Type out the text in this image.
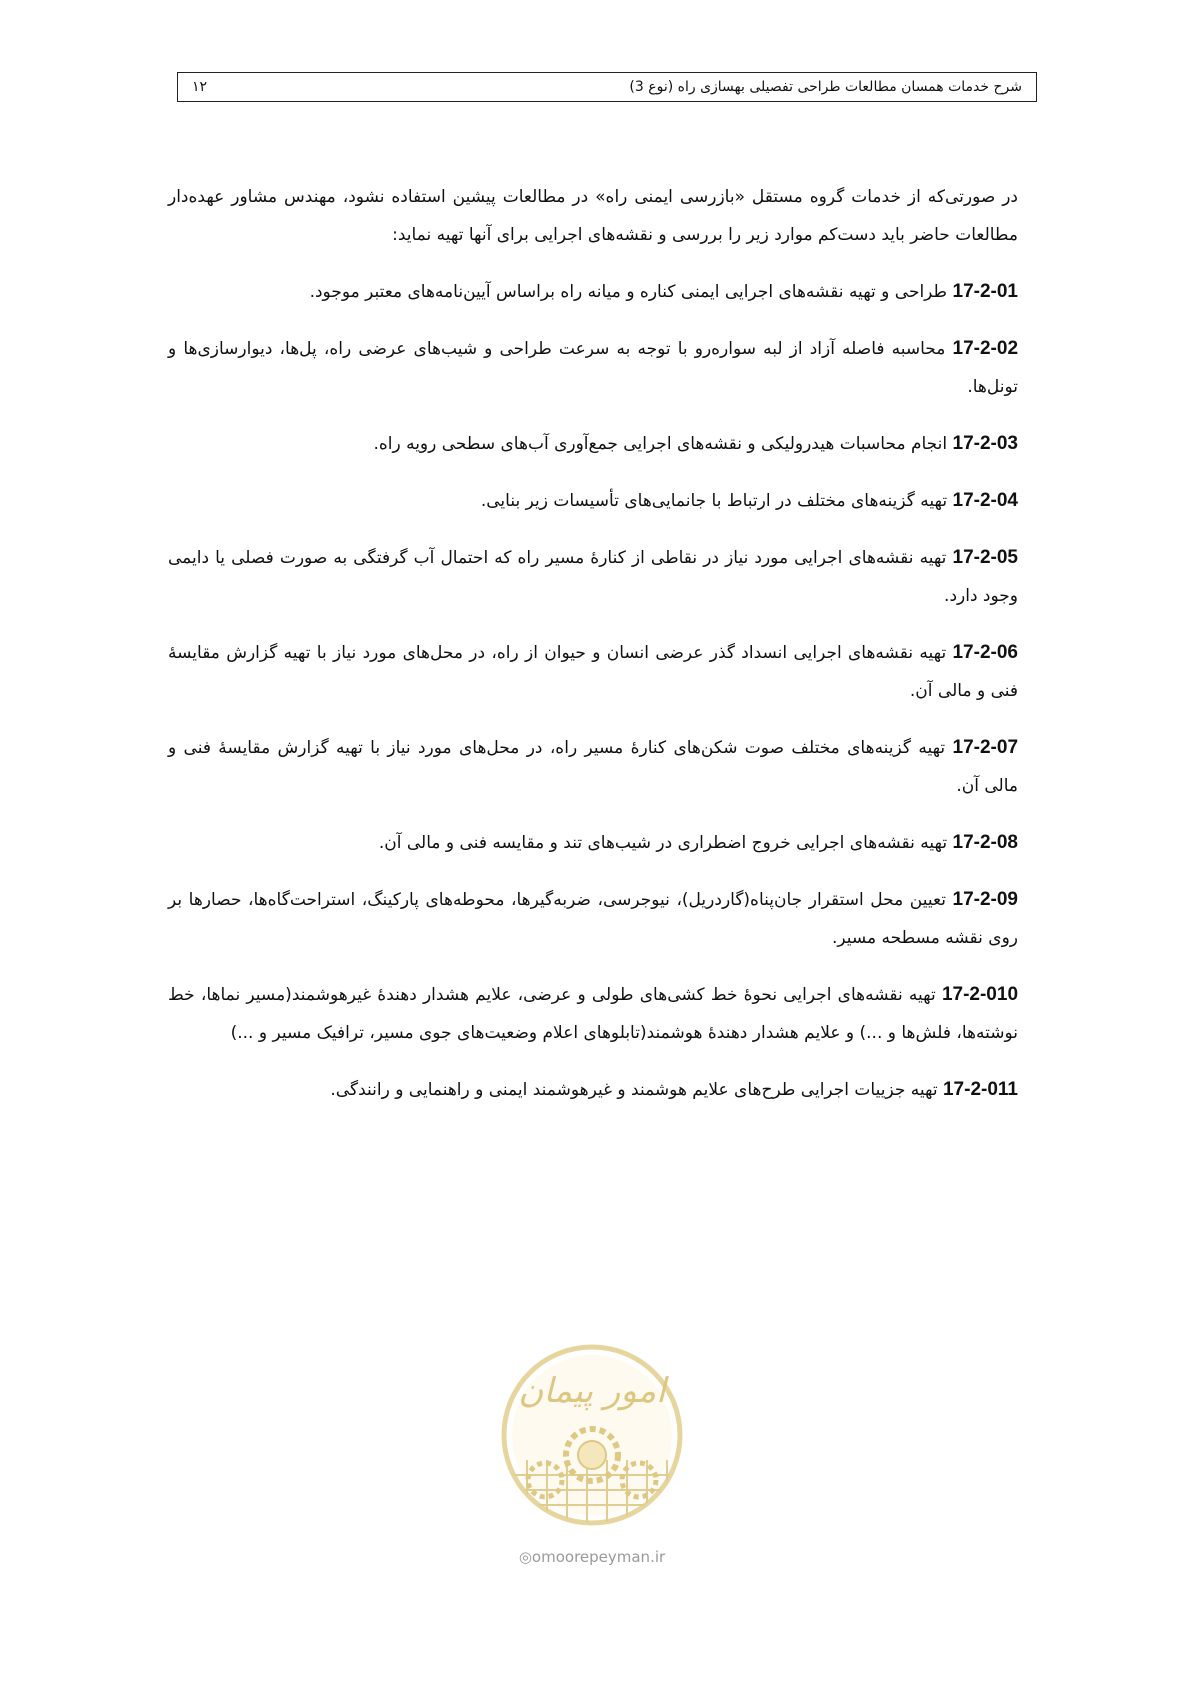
شرح خدمات همسان مطالعات طراحی تفصیلی بهسازی راه (نوع 3)
۱۲

در صورتی‌که از خدمات گروه مستقل «بازرسی ایمنی راه» در مطالعات پیشین استفاده نشود، مهندس مشاور عهده‌دار مطالعات حاضر باید دست‌کم موارد زیر را بررسی و نقشه‌های اجرایی برای آنها تهیه نماید:

17-2-01 طراحی و تهیه نقشه‌های اجرایی ایمنی کناره و میانه راه براساس آیین‌نامه‌های معتبر موجود.

17-2-02 محاسبه فاصله آزاد از لبه سواره‌رو با توجه به سرعت طراحی و شیب‌های عرضی راه، پل‌ها، دیوارسازی‌ها و تونل‌ها.

17-2-03 انجام محاسبات هیدرولیکی و نقشه‌های اجرایی جمع‌آوری آب‌های سطحی رویه راه.

17-2-04 تهیه گزینه‌های مختلف در ارتباط با جانمایی‌های تأسیسات زیر بنایی.

17-2-05 تهیه نقشه‌های اجرایی مورد نیاز در نقاطی از کنارهٔ مسیر راه که احتمال آب گرفتگی به صورت فصلی یا دایمی وجود دارد.

17-2-06 تهیه نقشه‌های اجرایی انسداد گذر عرضی انسان و حیوان از راه، در محل‌های مورد نیاز با تهیه گزارش مقایسهٔ فنی و مالی آن.

17-2-07 تهیه گزینه‌های مختلف صوت شکن‌های کنارهٔ مسیر راه، در محل‌های مورد نیاز با تهیه گزارش مقایسهٔ فنی و مالی آن.

17-2-08 تهیه نقشه‌های اجرایی خروج اضطراری در شیب‌های تند و مقایسه فنی و مالی آن.

17-2-09 تعیین محل استقرار جان‌پناه(گاردریل)، نیوجرسی، ضربه‌گیرها، محوطه‌های پارکینگ، استراحت‌گاه‌ها، حصارها بر روی نقشه مسطحه مسیر.

17-2-010 تهیه نقشه‌های اجرایی نحوهٔ خط کشی‌های طولی و عرضی، علایم هشدار دهندهٔ غیرهوشمند(مسیر نماها، خط نوشته‌ها، فلش‌ها و ...) و علایم هشدار دهندهٔ هوشمند(تابلوهای اعلام وضعیت‌های جوی مسیر، ترافیک مسیر و ...)

17-2-011 تهیه جزییات اجرایی طرح‌های علایم هوشمند و غیرهوشمند ایمنی و راهنمایی و رانندگی.

امور پیمان
◎omoorepeyman.ir
